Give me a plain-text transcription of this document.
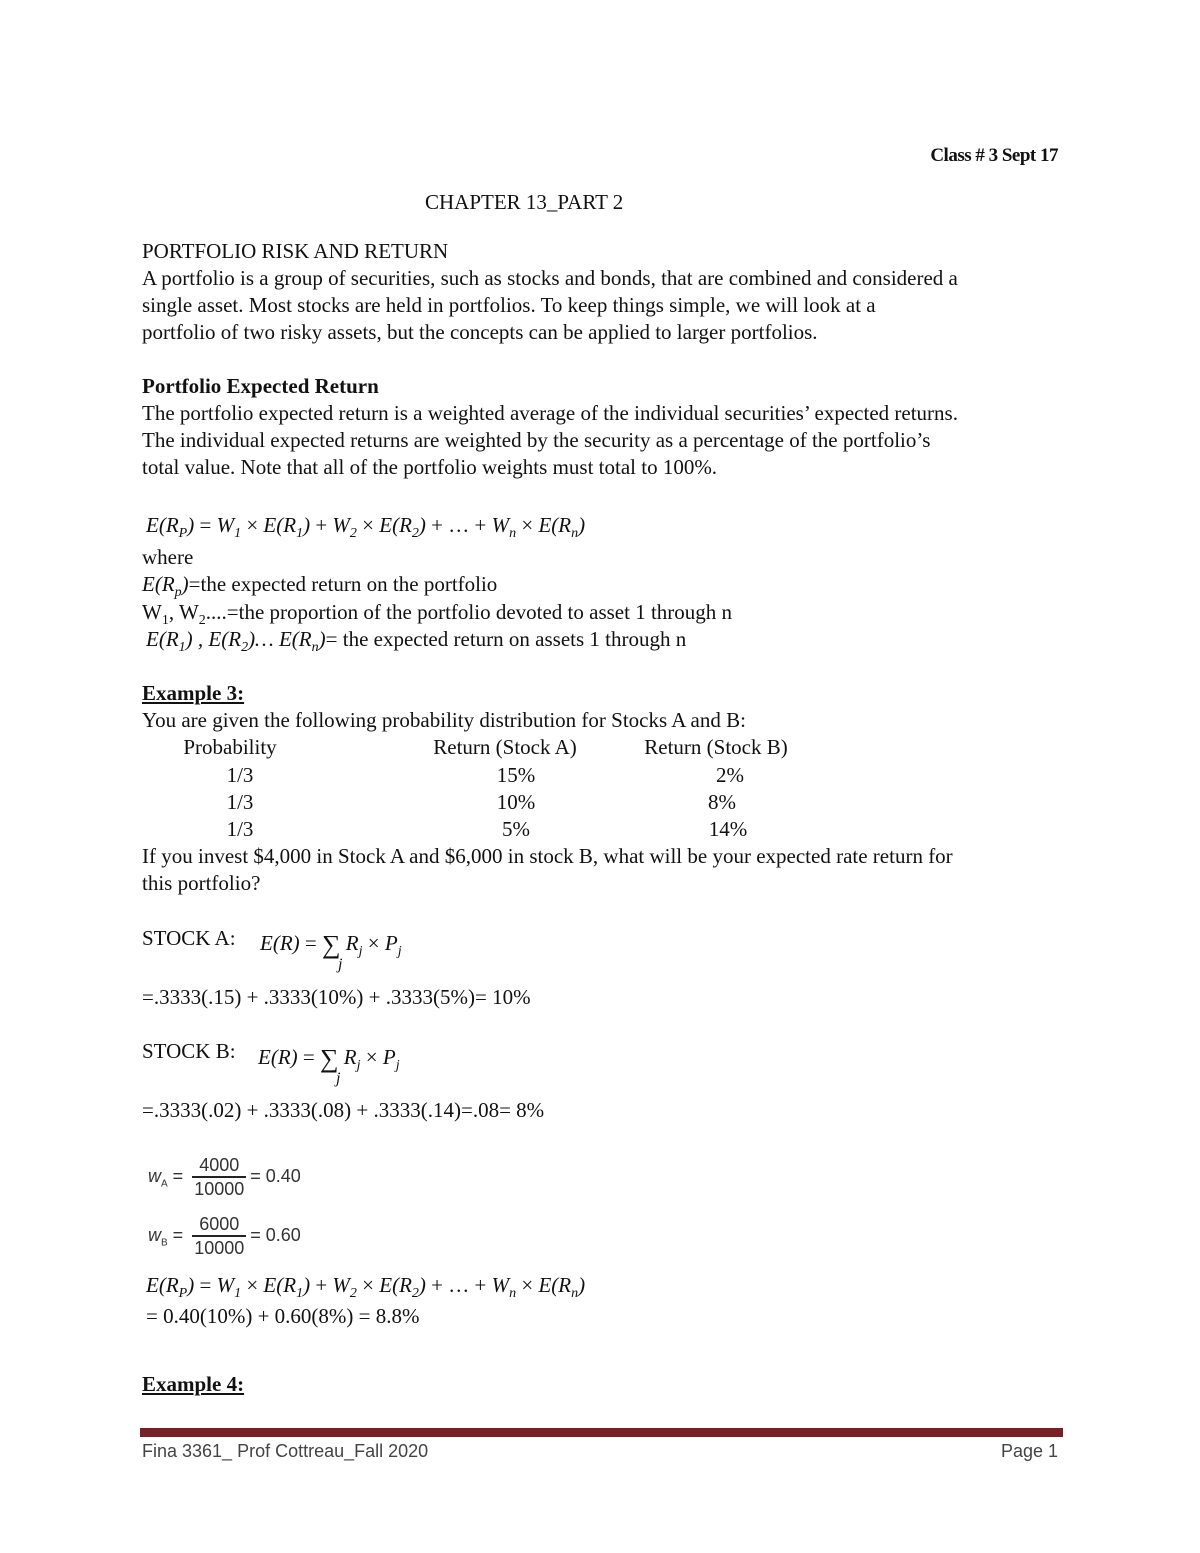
Class # 3 Sept 17
CHAPTER 13_PART 2
PORTFOLIO RISK AND RETURN
A portfolio is a group of securities, such as stocks and bonds, that are combined and considered a
single asset. Most stocks are held in portfolios. To keep things simple, we will look at a
portfolio of two risky assets, but the concepts can be applied to larger portfolios.
Portfolio Expected Return
The portfolio expected return is a weighted average of the individual securities’ expected returns.
The individual expected returns are weighted by the security as a percentage of the portfolio’s
total value. Note that all of the portfolio weights must total to 100%.
$E(R_P) = W_1 \times E(R_1) + W_2 \times E(R_2)$ + … + $W_n \times E(R_n)$
where
$E(R_p)=the$ expected return on the portfolio
$W_1$, $W_2....=the$ proportion of the portfolio devoted to asset 1 through n
$E(R_1)$ , $E(R_2)\dots$ $E(R_n)=$ the expected return on assets 1 through n
Example 3:
You are given the following probability distribution for Stocks A and B:
Probability	Return (Stock A)	Return (Stock B)
1/3	15%	2%
1/3	10%	8%
1/3	5%	14%
If you invest $4,000 in Stock A and $6,000 in stock B, what will be your expected rate return for
this portfolio?
STOCK A: E(R) = ∑ $R_j \times P_j$
j
=.3333(.15) + .3333(10%) + .3333(5%)= 10%
STOCK B: E(R) = ∑ $R_j \times P_j$
j
=.3333(.02) + .3333(.08) + .3333(.14)=.08= 8%
$w_A = \frac{4000}{10000} = 0.40$
$w_B = \frac{6000}{10000} = 0.60$
$E(R_P) = W_1 \times E(R_1) + W_2 \times E(R_2)$ + … + $W_n \times E(R_n)$
= 0.40(10%) + 0.60(8%) = 8.8%
Example 4:
Fina 3361_ Prof Cottreau_Fall 2020	Page 1
